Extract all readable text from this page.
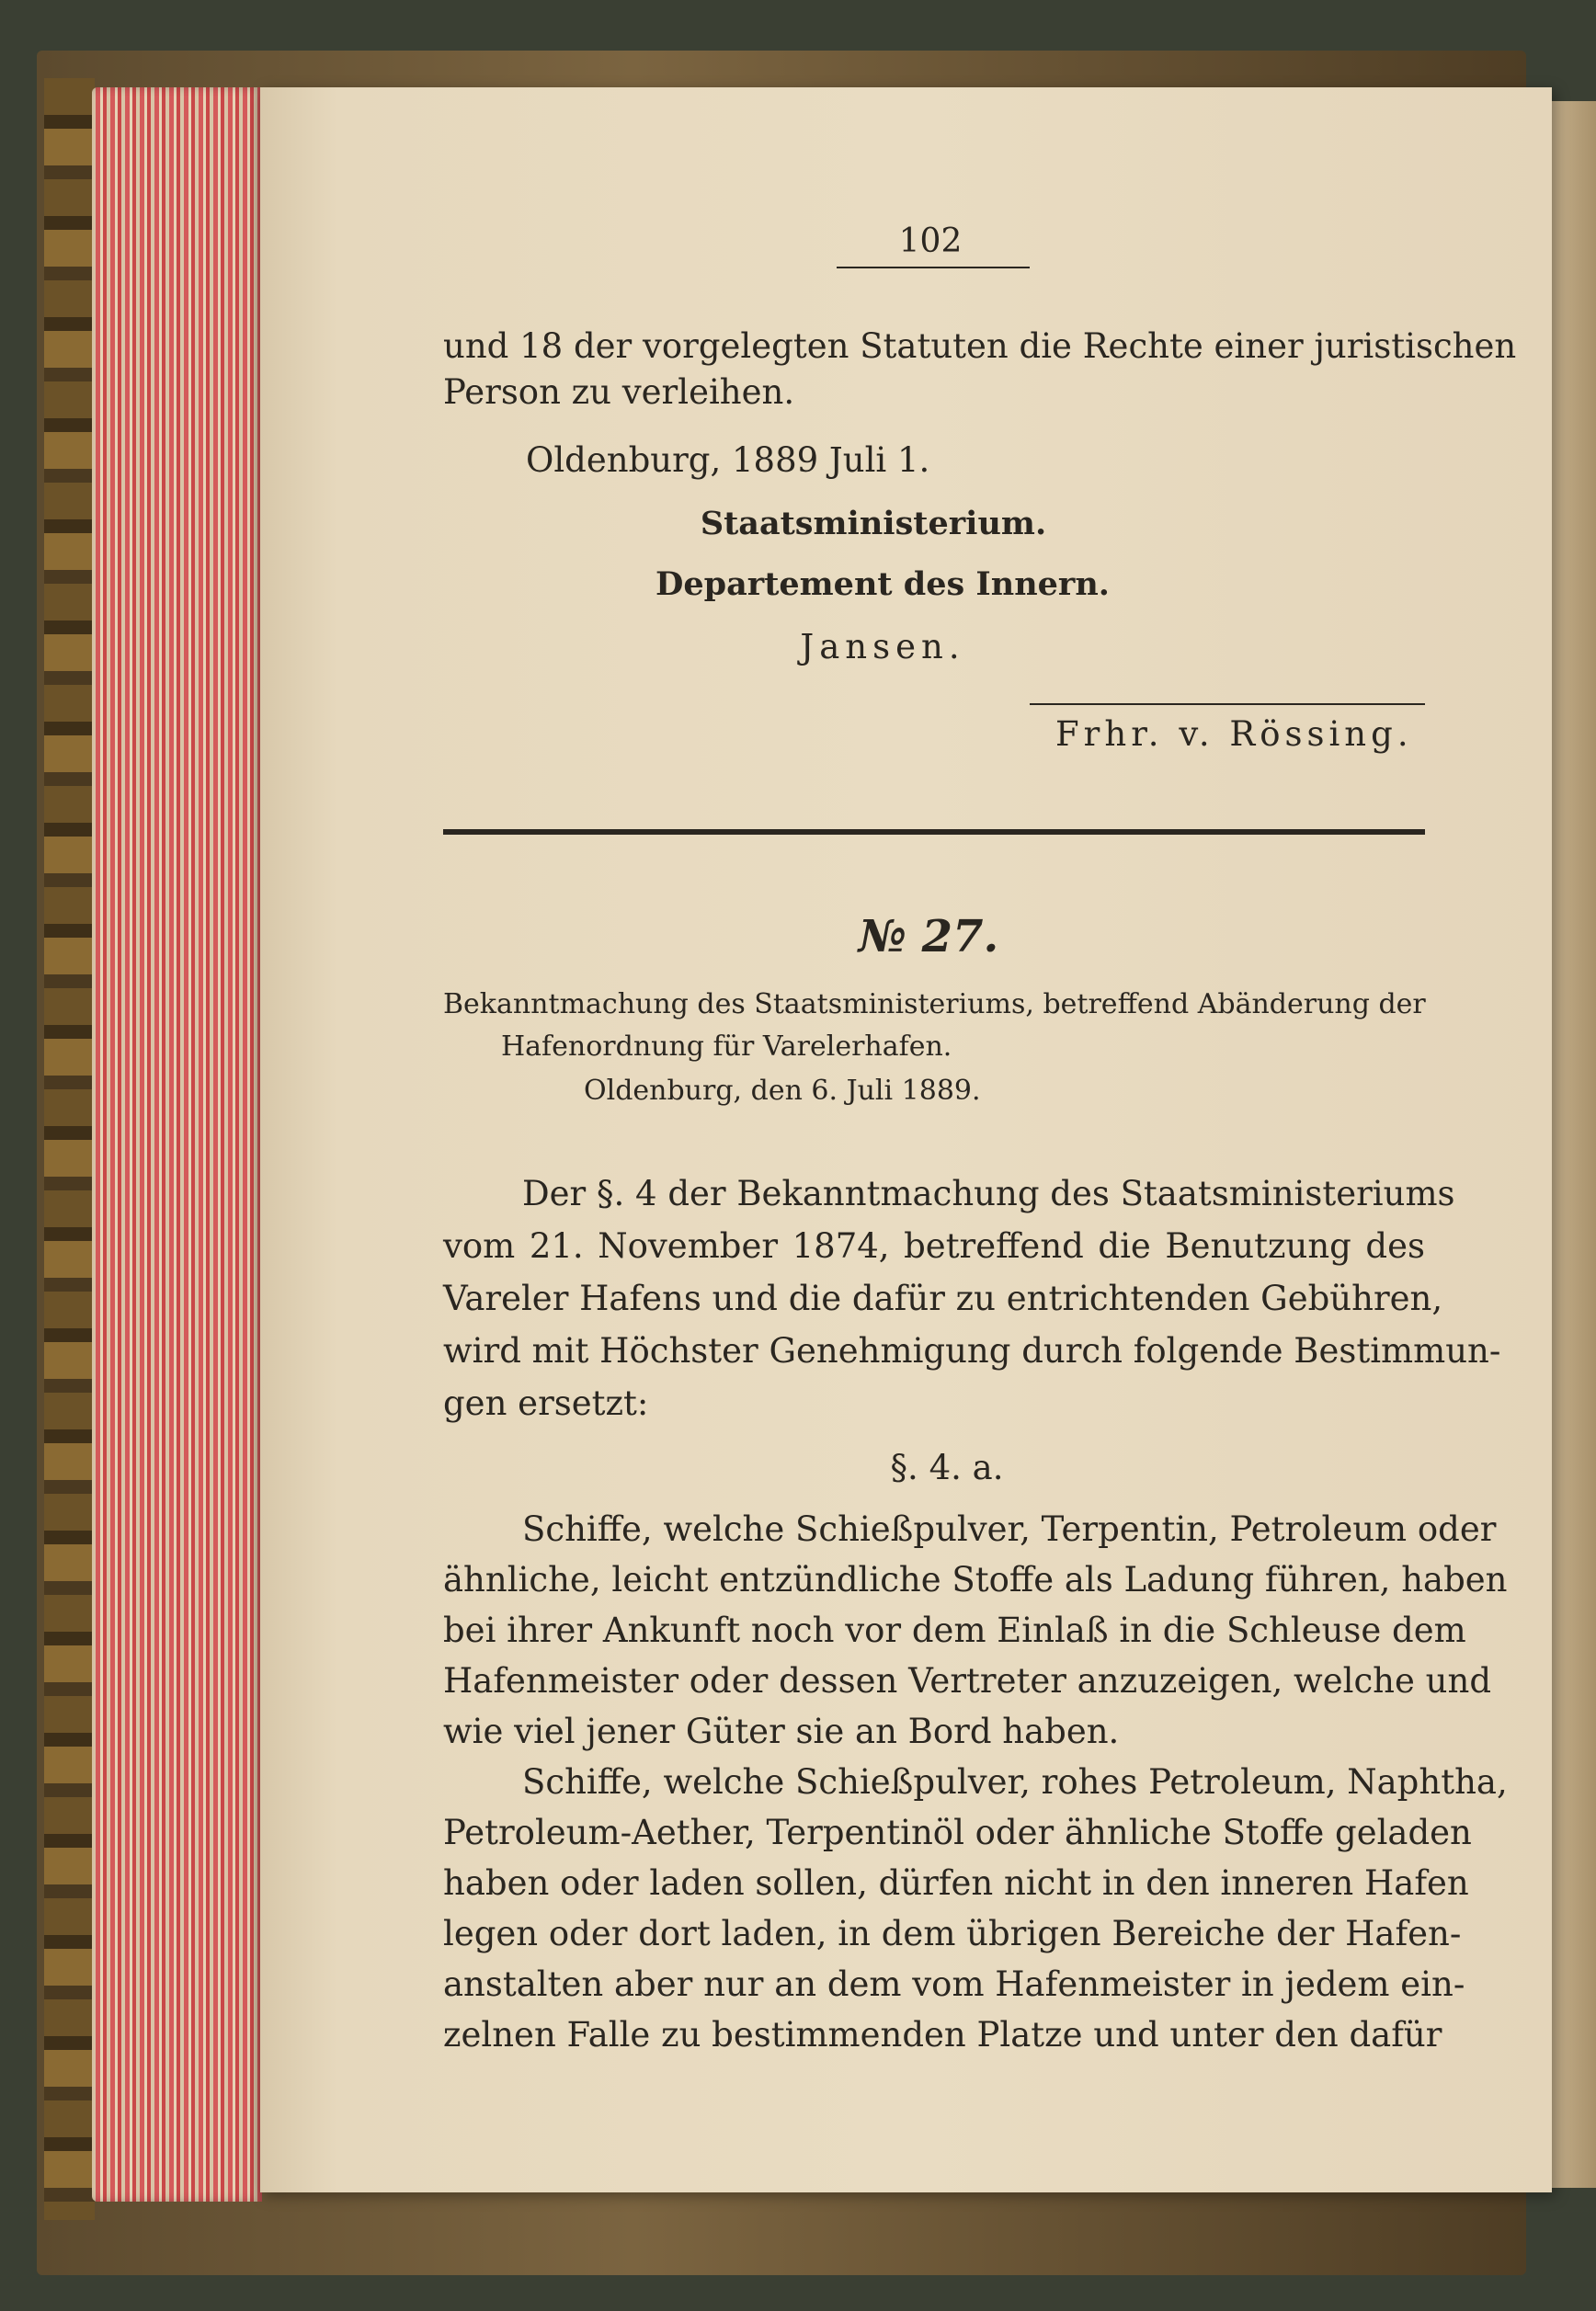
102
und 18 der vorgelegten Statuten die Rechte einer juristischen
Person zu verleihen.
Oldenburg, 1889 Juli 1.
Staatsministerium.
Departement des Innern.
Jansen.
Frhr. v. Rössing.
№ 27.
Bekanntmachung des Staatsministeriums, betreffend Abänderung der
Hafenordnung für Varelerhafen.
Oldenburg, den 6. Juli 1889.
Der §. 4 der Bekanntmachung des Staatsministeriums
vom 21. November 1874, betreffend die Benutzung des
Vareler Hafens und die dafür zu entrichtenden Gebühren,
wird mit Höchster Genehmigung durch folgende Bestimmun-
gen ersetzt:
§. 4. a.
Schiffe, welche Schießpulver, Terpentin, Petroleum oder
ähnliche, leicht entzündliche Stoffe als Ladung führen, haben
bei ihrer Ankunft noch vor dem Einlaß in die Schleuse dem
Hafenmeister oder dessen Vertreter anzuzeigen, welche und
wie viel jener Güter sie an Bord haben.
Schiffe, welche Schießpulver, rohes Petroleum, Naphtha,
Petroleum-Aether, Terpentinöl oder ähnliche Stoffe geladen
haben oder laden sollen, dürfen nicht in den inneren Hafen
legen oder dort laden, in dem übrigen Bereiche der Hafen-
anstalten aber nur an dem vom Hafenmeister in jedem ein-
zelnen Falle zu bestimmenden Platze und unter den dafür
